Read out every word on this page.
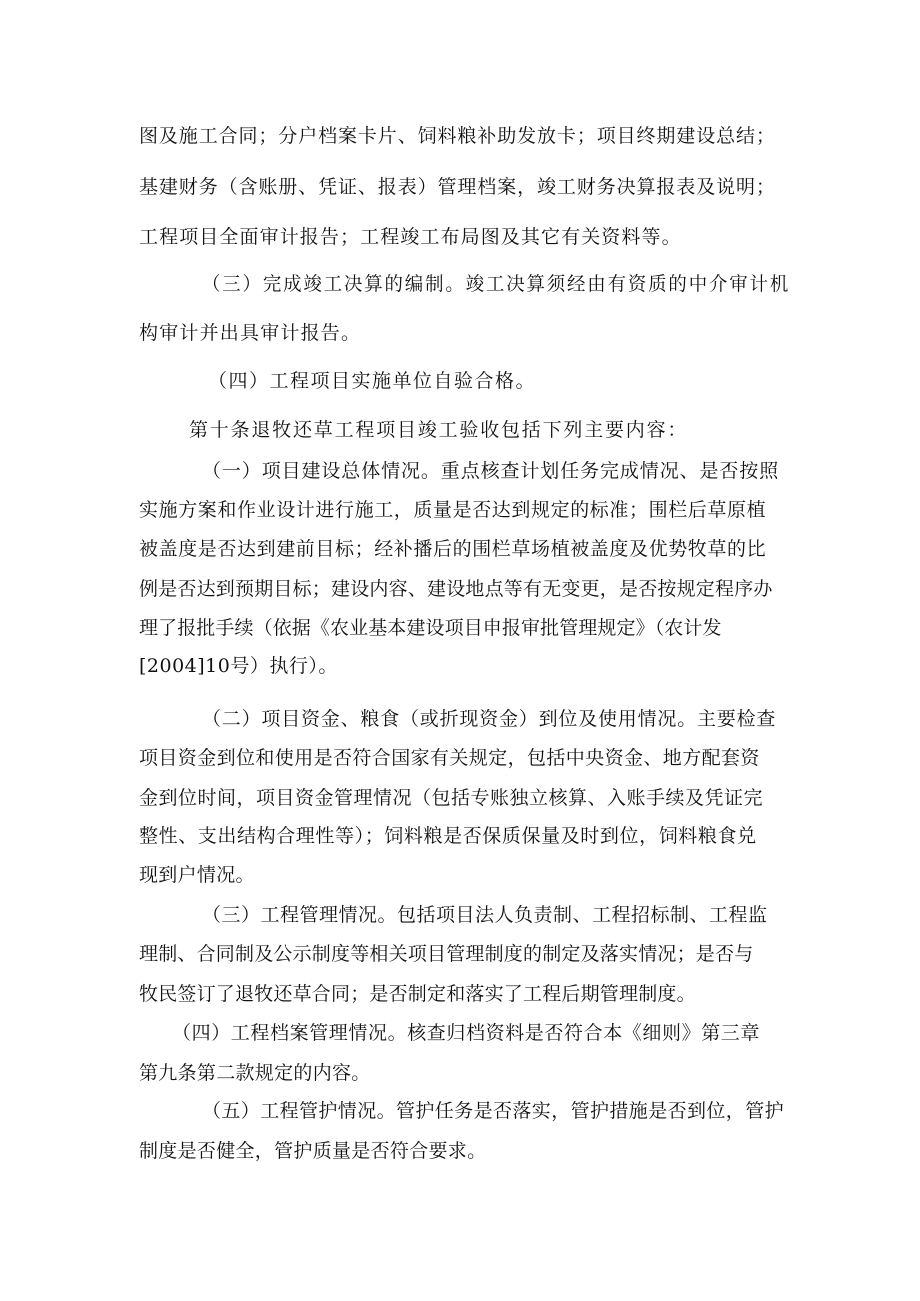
图及施工合同；分户档案卡片、饲料粮补助发放卡；项目终期建设总结；
基建财务（含账册、凭证、报表）管理档案，竣工财务决算报表及说明；
工程项目全面审计报告；工程竣工布局图及其它有关资料等。
（三）完成竣工决算的编制。竣工决算须经由有资质的中介审计机
构审计并出具审计报告。
（四）工程项目实施单位自验合格。
第十条退牧还草工程项目竣工验收包括下列主要内容：
（一）项目建设总体情况。重点核查计划任务完成情况、是否按照
实施方案和作业设计进行施工，质量是否达到规定的标准；围栏后草原植
被盖度是否达到建前目标；经补播后的围栏草场植被盖度及优势牧草的比
例是否达到预期目标；建设内容、建设地点等有无变更，是否按规定程序办
理了报批手续（依据《农业基本建设项目申报审批管理规定》（农计发
[2004]10号）执行）。
（二）项目资金、粮食（或折现资金）到位及使用情况。主要检查
项目资金到位和使用是否符合国家有关规定，包括中央资金、地方配套资
金到位时间，项目资金管理情况（包括专账独立核算、入账手续及凭证完
整性、支出结构合理性等）；饲料粮是否保质保量及时到位，饲料粮食兑
现到户情况。
（三）工程管理情况。包括项目法人负责制、工程招标制、工程监
理制、合同制及公示制度等相关项目管理制度的制定及落实情况；是否与
牧民签订了退牧还草合同；是否制定和落实了工程后期管理制度。
（四）工程档案管理情况。核查归档资料是否符合本《细则》第三章
第九条第二款规定的内容。
（五）工程管护情况。管护任务是否落实，管护措施是否到位，管护
制度是否健全，管护质量是否符合要求。
